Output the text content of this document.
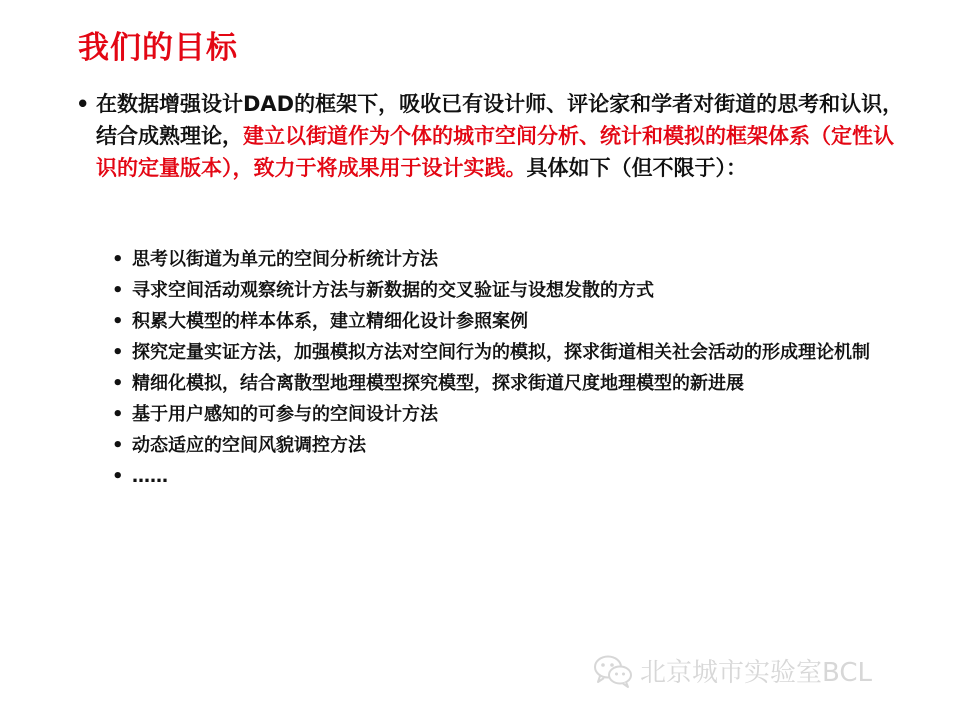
我们的目标
• 在数据增强设计DAD的框架下，吸收已有设计师、评论家和学者对街道的思考和认识，结合成熟理论，建立以街道作为个体的城市空间分析、统计和模拟的框架体系（定性认识的定量版本），致力于将成果用于设计实践。具体如下（但不限于）：
• 思考以街道为单元的空间分析统计方法
• 寻求空间活动观察统计方法与新数据的交叉验证与设想发散的方式
• 积累大模型的样本体系，建立精细化设计参照案例
• 探究定量实证方法，加强模拟方法对空间行为的模拟，探求街道相关社会活动的形成理论机制
• 精细化模拟，结合离散型地理模型探究模型，探求街道尺度地理模型的新进展
• 基于用户感知的可参与的空间设计方法
• 动态适应的空间风貌调控方法
• ……
北京城市实验室BCL
